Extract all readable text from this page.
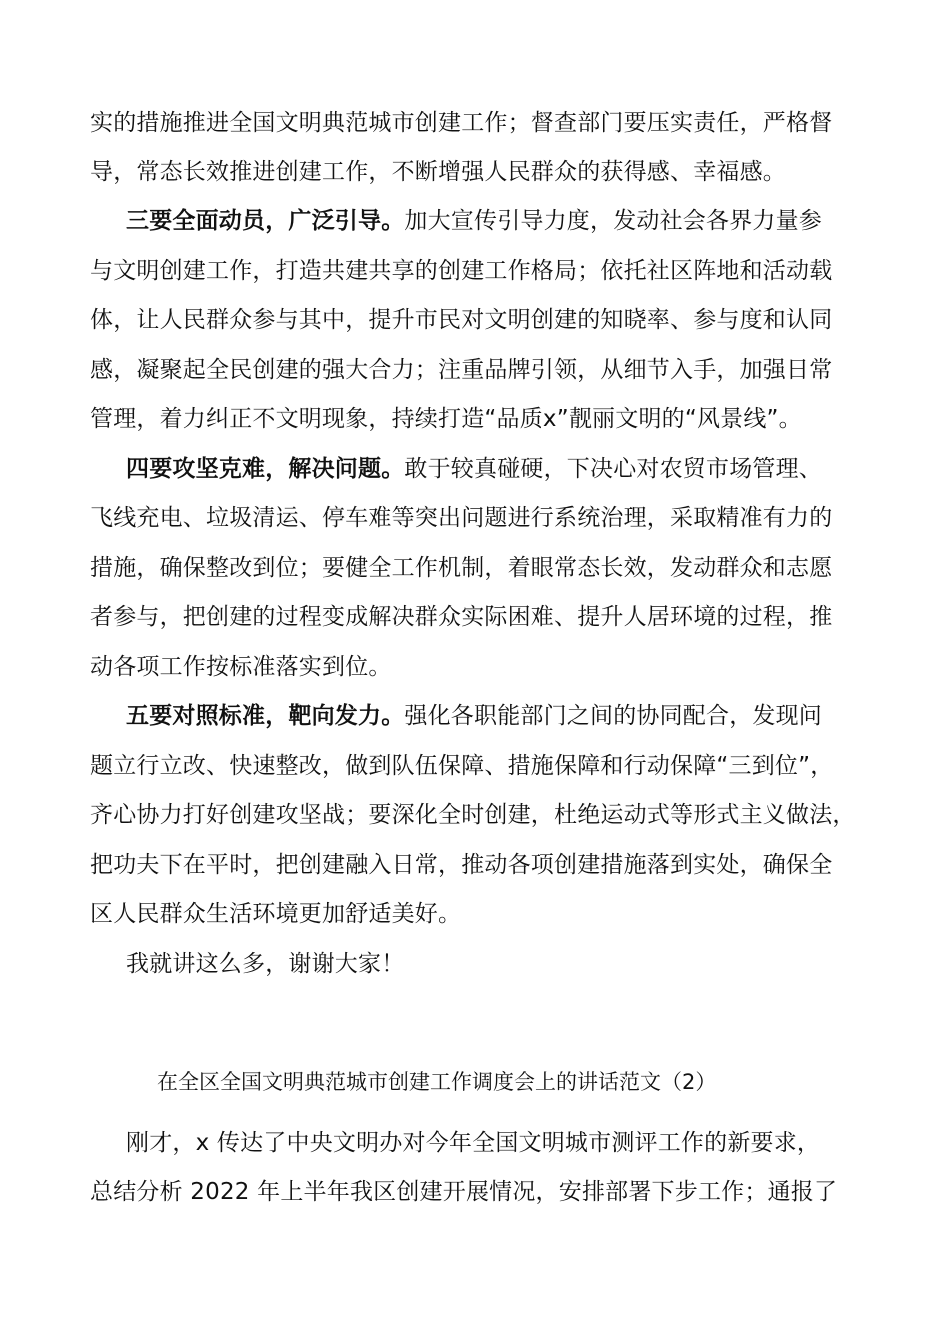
实的措施推进全国文明典范城市创建工作；督查部门要压实责任，严格督
导，常态长效推进创建工作，不断增强人民群众的获得感、幸福感。
三要全面动员，广泛引导。加大宣传引导力度，发动社会各界力量参
与文明创建工作，打造共建共享的创建工作格局；依托社区阵地和活动载
体，让人民群众参与其中，提升市民对文明创建的知晓率、参与度和认同
感，凝聚起全民创建的强大合力；注重品牌引领，从细节入手，加强日常
管理，着力纠正不文明现象，持续打造“品质x”靓丽文明的“风景线”。
四要攻坚克难，解决问题。敢于较真碰硬，下决心对农贸市场管理、
飞线充电、垃圾清运、停车难等突出问题进行系统治理，采取精准有力的
措施，确保整改到位；要健全工作机制，着眼常态长效，发动群众和志愿
者参与，把创建的过程变成解决群众实际困难、提升人居环境的过程，推
动各项工作按标准落实到位。
五要对照标准，靶向发力。强化各职能部门之间的协同配合，发现问
题立行立改、快速整改，做到队伍保障、措施保障和行动保障“三到位”，
齐心协力打好创建攻坚战；要深化全时创建，杜绝运动式等形式主义做法，
把功夫下在平时，把创建融入日常，推动各项创建措施落到实处，确保全
区人民群众生活环境更加舒适美好。
我就讲这么多，谢谢大家！
在全区全国文明典范城市创建工作调度会上的讲话范文（2）
刚才，x 传达了中央文明办对今年全国文明城市测评工作的新要求，
总结分析 2022 年上半年我区创建开展情况，安排部署下步工作；通报了
